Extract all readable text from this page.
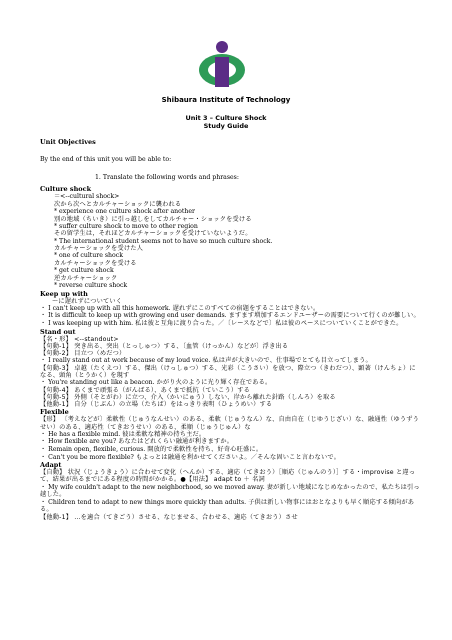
Shibaura Institute of Technology
Unit 3 – Culture Shock
Study Guide

Unit Objectives

By the end of this unit you will be able to:

1. Translate the following words and phrases:

Culture shock

＝<--cultural shock>

次から次へとカルチャーショックに襲われる

* experience one culture shock after another

別の地域（ちいき）に引っ越しをしてカルチャー・ショックを受ける

* suffer culture shock to move to other region

その留学生は，それほどカルチャーショックを受けていないようだ。

* The international student seems not to have so much culture shock.

カルチャーショックを受けた人

* one of culture shock

カルチャーショックを受ける

* get culture shock

逆カルチャーショック

* reverse culture shock

Keep up with

～に遅れずについていく

・ I can't keep up with all this homework. 遅れずにこのすべての宿題をすることはできない。

・ It is difficult to keep up with growing end user demands. ますます増加するエンドユーザーの需要について行くのが難しい。

・ I was keeping up with him. 私は彼と互角に渡り合った。／〔レースなどで〕私は彼のペースについていくことができた。

Stand out

【名・形】 <--standout>

【句動-1】 突き出る、突出（とっしゅつ）する、〔血管（けっかん）などが〕浮き出る

【句動-2】 目立つ（めだつ）

・ I really stand out at work because of my loud voice. 私は声が大きいので、仕事場でとても目立ってしまう。

【句動-3】 卓越（たくえつ）する、傑出（けっしゅつ）する、光彩（こうさい）を放つ、際立つ（きわだつ）、顕著（けんちょ）になる、頭角（とうかく）を現す

・ You're standing out like a beacon. かがり火のように光り輝く存在である。

【句動-4】 あくまで頑張る（がんばる）、あくまで抵抗（ていこう）する

【句動-5】 外側（そとがわ）に立つ、介入（かいにゅう）しない、岸から離れた針路（しんろ）を取る

【他動-1】 自分（じぶん）の立場（たちば）をはっきり表明（ひょうめい）する

Flexible

【形】 〔考えなどが〕柔軟性（じゅうなんせい）のある、柔軟（じゅうなん）な、自由自在（じゆうじざい）な、融通性（ゆうずうせい）のある、適応性（てきおうせい）のある、柔順（じゅうじゅん）な

・ He has a flexible mind. 彼は柔軟な精神の持ち主だ。

・ How flexible are you? あなたはどれくらい融通が利きますか。

・ Remain open, flexible, curious. 開放的で柔軟性を持ち、好奇心旺盛に。

・ Can't you be more flexible? もよっとは融通を利かせてくださいよ。／そんな固いこと言わないで。

Adapt

【自動】 状況（じょうきょう）に合わせて変化（へんか）する、適応（てきおう）［順応（じゅんのう）］する・improvise と違って、結果が出るまでにある程度の時間がかかる。●【用法】 adapt to ＋ 名詞

・ My wife couldn't adapt to the new neighborhood, so we moved away. 妻が新しい地域になじめなかったので、私たちは引っ越した。

・ Children tend to adapt to new things more quickly than adults. 子供は新しい物事にはおとなよりも早く順応する傾向がある。

【他動-1】 …を適合（てきごう）させる、なじませる、合わせる、適応（てきおう）させ
